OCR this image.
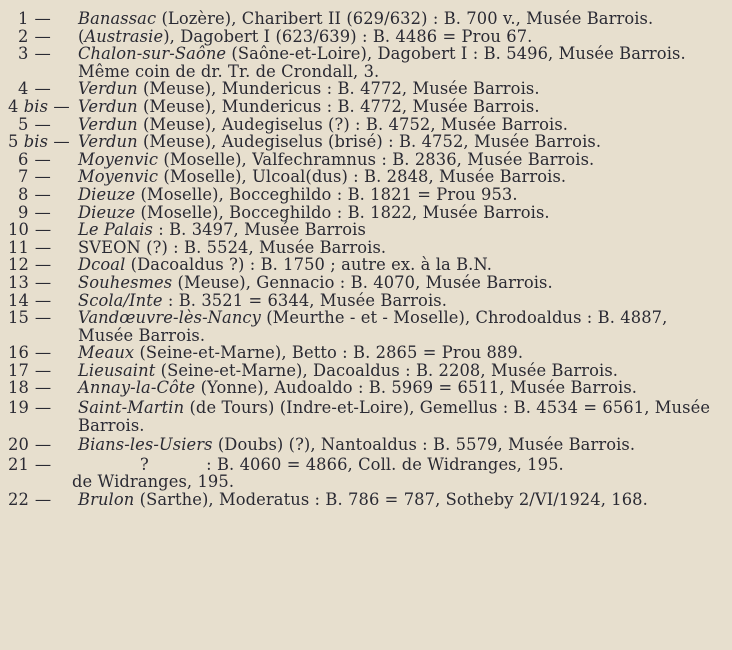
1 —	Banassac (Lozère), Charibert II (629/632) : B. 700 v., Musée Barrois.
2 —	(Austrasie), Dagobert I (623/639) : B. 4486 = Prou 67.
3 —	Chalon-sur-Saône (Saône-et-Loire), Dagobert I : B. 5496, Musée Barrois. Même coin de dr. Tr. de Crondall, 3.
4 —	Verdun (Meuse), Mundericus : B. 4772, Musée Barrois.
4 bis — Verdun (Meuse), Mundericus : B. 4772, Musée Barrois.
5 —	Verdun (Meuse), Audegiselus (?) : B. 4752, Musée Barrois.
5 bis — Verdun (Meuse), Audegiselus (brisé) : B. 4752, Musée Barrois.
6 —	Moyenvic (Moselle), Valfechramnus : B. 2836, Musée Barrois.
7 —	Moyenvic (Moselle), Ulcoal(dus) : B. 2848, Musée Barrois.
8 —	Dieuze (Moselle), Bocceghildo : B. 1821 = Prou 953.
9 —	Dieuze (Moselle), Bocceghildo : B. 1822, Musée Barrois.
10 —	Le Palais : B. 3497, Musée Barrois
11 —	SVEON (?) : B. 5524, Musée Barrois.
12 —	Dcoal (Dacoaldus ?) : B. 1750 ; autre ex. à la B.N.
13 —	Souhesmes (Meuse), Gennacio : B. 4070, Musée Barrois.
14 —	Scola/Inte : B. 3521 = 6344, Musée Barrois.
15 —	Vandœuvre-lès-Nancy (Meurthe - et - Moselle), Chrodoaldus : B. 4887, Musée Barrois.
16 —	Meaux (Seine-et-Marne), Betto : B. 2865 = Prou 889.
17 —	Lieusaint (Seine-et-Marne), Dacoaldus : B. 2208, Musée Barrois.
18 —	Annay-la-Côte (Yonne), Audoaldo : B. 5969 = 6511, Musée Barrois.
19 —	Saint-Martin (de Tours) (Indre-et-Loire), Gemellus : B. 4534 = 6561, Musée Barrois.
20 —	Bians-les-Usiers (Doubs) (?), Nantoaldus : B. 5579, Musée Barrois.
21 —	?	: B. 4060 = 4866, Coll. de Widranges, 195.
de Widranges, 195.
22 —	Brulon (Sarthe), Moderatus : B. 786 = 787, Sotheby 2/VI/1924, 168.
